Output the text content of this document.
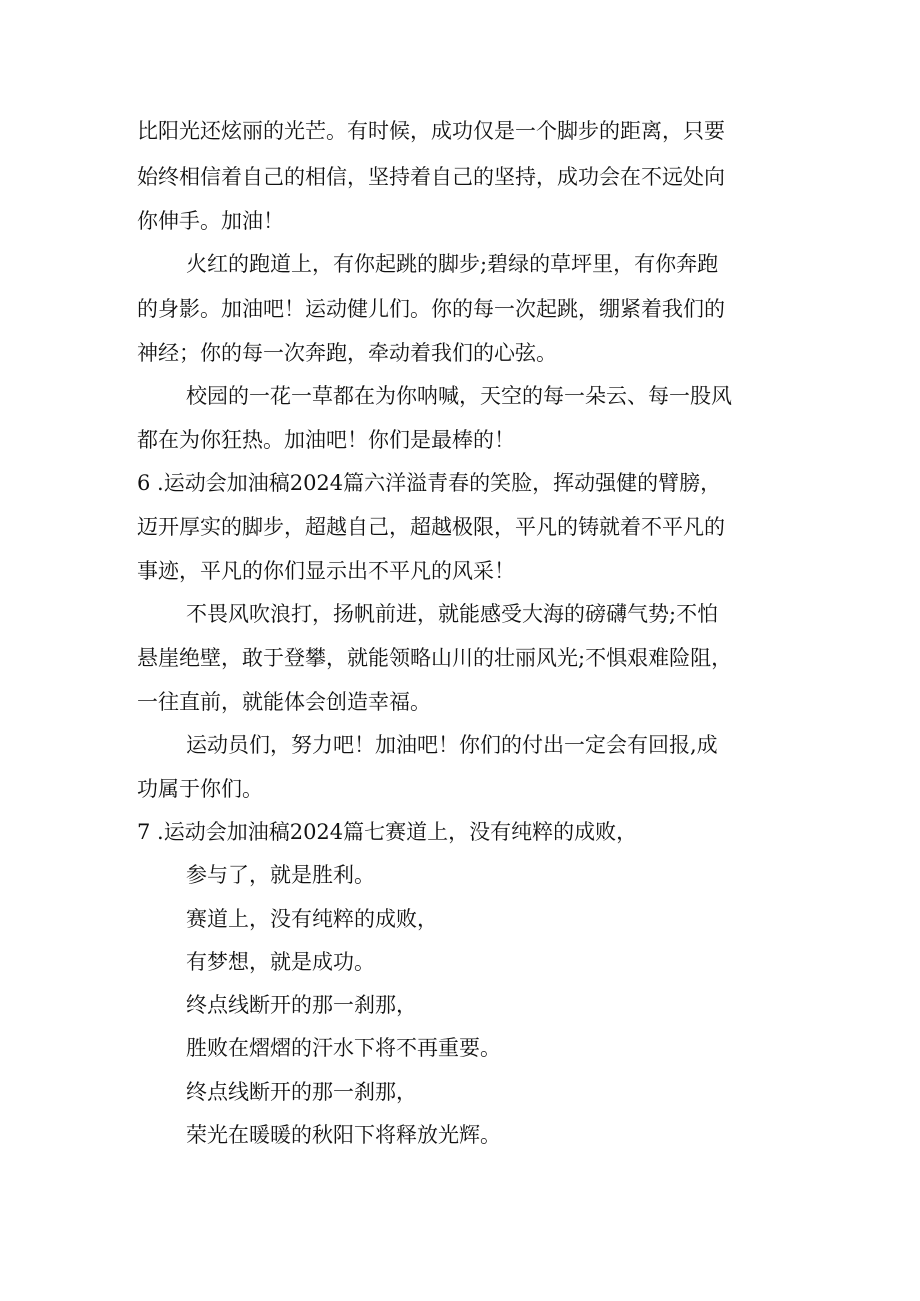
比阳光还炫丽的光芒。有时候，成功仅是一个脚步的距离，只要
始终相信着自己的相信，坚持着自己的坚持，成功会在不远处向
你伸手。加油！
火红的跑道上，有你起跳的脚步;碧绿的草坪里，有你奔跑
的身影。加油吧！运动健儿们。你的每一次起跳，绷紧着我们的
神经；你的每一次奔跑，牵动着我们的心弦。
校园的一花一草都在为你呐喊，天空的每一朵云、每一股风
都在为你狂热。加油吧！你们是最棒的！
6 .运动会加油稿2024篇六洋溢青春的笑脸，挥动强健的臂膀，
迈开厚实的脚步，超越自己，超越极限，平凡的铸就着不平凡的
事迹，平凡的你们显示出不平凡的风采！
不畏风吹浪打，扬帆前进，就能感受大海的磅礴气势;不怕
悬崖绝壁，敢于登攀，就能领略山川的壮丽风光;不惧艰难险阻，
一往直前，就能体会创造幸福。
运动员们，努力吧！加油吧！你们的付出一定会有回报,成
功属于你们。
7 .运动会加油稿2024篇七赛道上，没有纯粹的成败，
参与了，就是胜利。
赛道上，没有纯粹的成败，
有梦想，就是成功。
终点线断开的那一刹那，
胜败在熠熠的汗水下将不再重要。
终点线断开的那一刹那，
荣光在暖暖的秋阳下将释放光辉。
